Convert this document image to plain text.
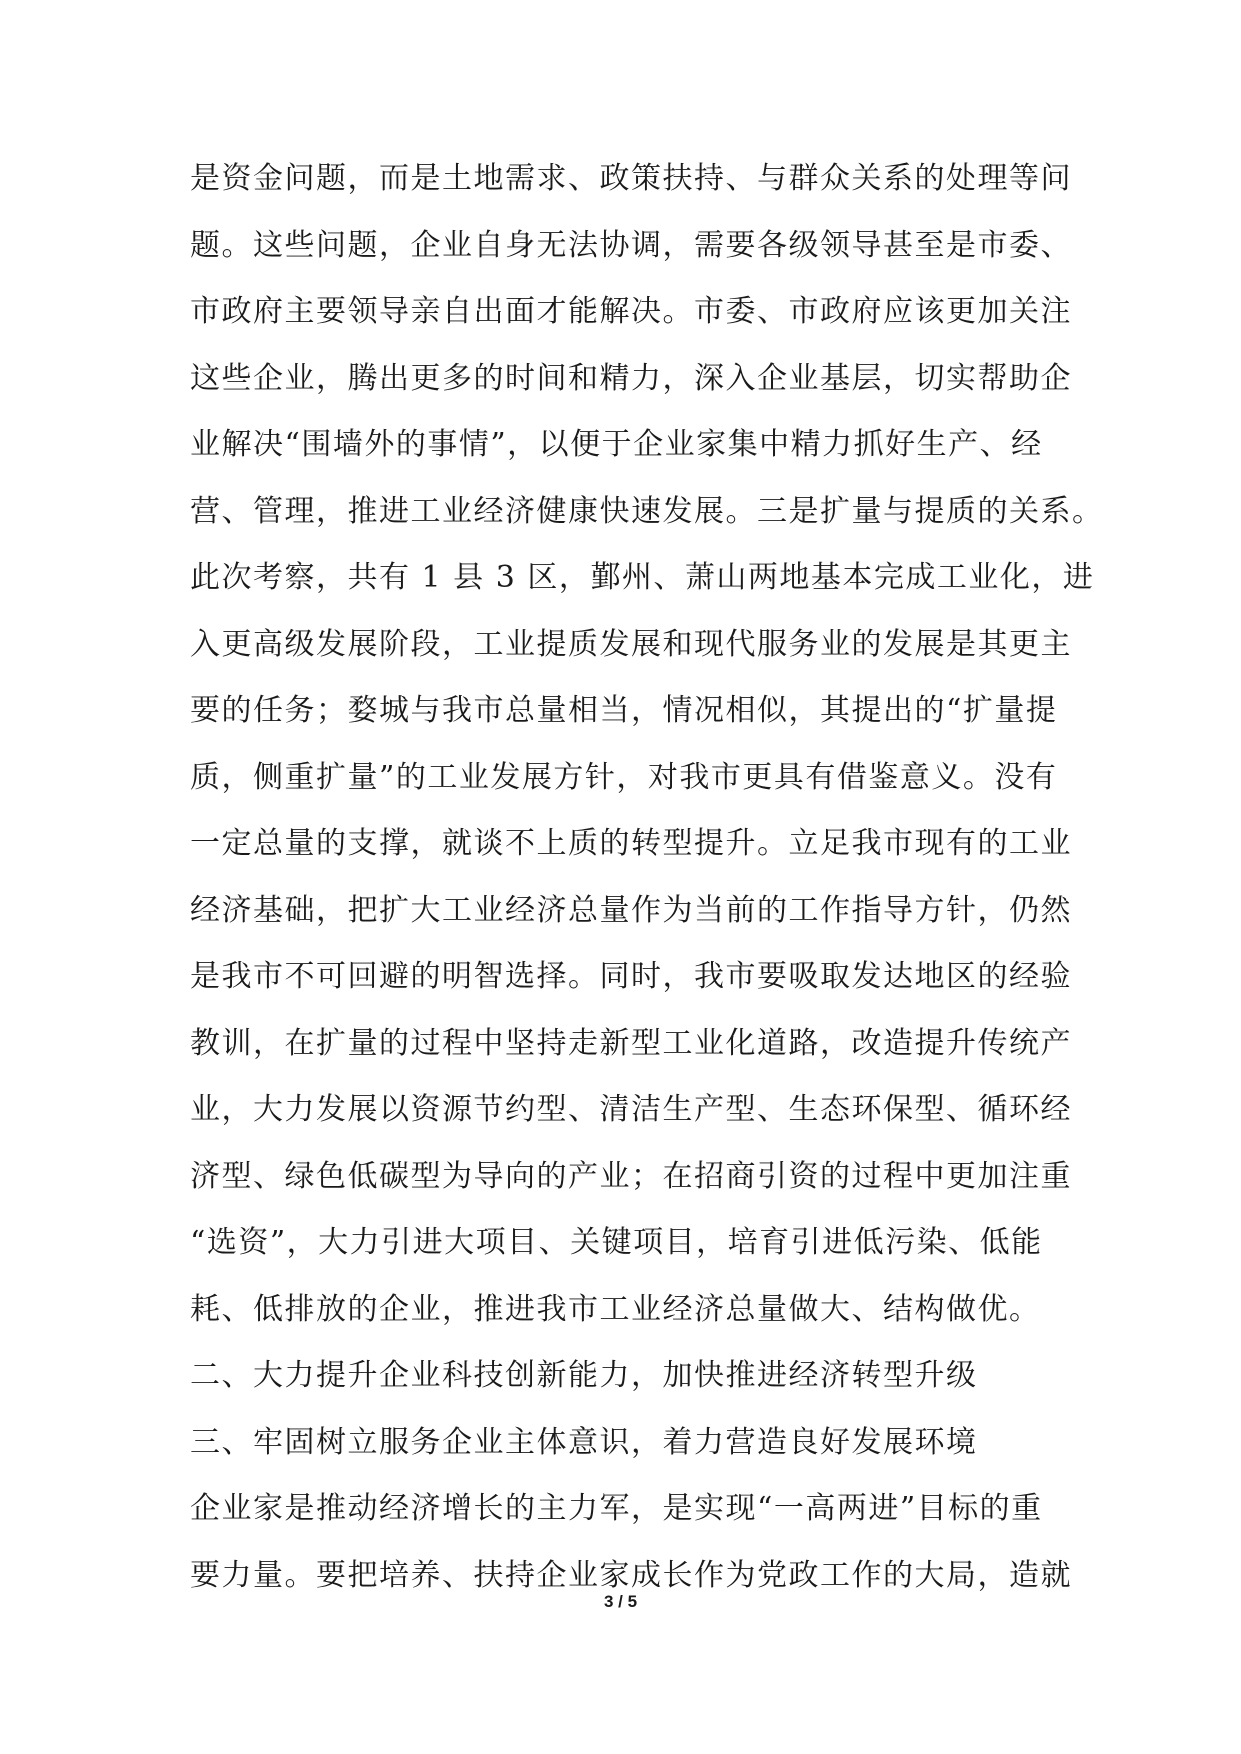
是资金问题，而是土地需求、政策扶持、与群众关系的处理等问
题。这些问题，企业自身无法协调，需要各级领导甚至是市委、
市政府主要领导亲自出面才能解决。市委、市政府应该更加关注
这些企业，腾出更多的时间和精力，深入企业基层，切实帮助企
业解决“围墙外的事情”，以便于企业家集中精力抓好生产、经
营、管理，推进工业经济健康快速发展。三是扩量与提质的关系。
此次考察，共有 1 县 3 区，鄞州、萧山两地基本完成工业化，进
入更高级发展阶段，工业提质发展和现代服务业的发展是其更主
要的任务；婺城与我市总量相当，情况相似，其提出的“扩量提
质，侧重扩量”的工业发展方针，对我市更具有借鉴意义。没有
一定总量的支撑，就谈不上质的转型提升。立足我市现有的工业
经济基础，把扩大工业经济总量作为当前的工作指导方针，仍然
是我市不可回避的明智选择。同时，我市要吸取发达地区的经验
教训，在扩量的过程中坚持走新型工业化道路，改造提升传统产
业，大力发展以资源节约型、清洁生产型、生态环保型、循环经
济型、绿色低碳型为导向的产业；在招商引资的过程中更加注重
“选资”，大力引进大项目、关键项目，培育引进低污染、低能
耗、低排放的企业，推进我市工业经济总量做大、结构做优。
二、大力提升企业科技创新能力，加快推进经济转型升级
三、牢固树立服务企业主体意识，着力营造良好发展环境
企业家是推动经济增长的主力军，是实现“一高两进”目标的重
要力量。要把培养、扶持企业家成长作为党政工作的大局，造就
3 / 5
